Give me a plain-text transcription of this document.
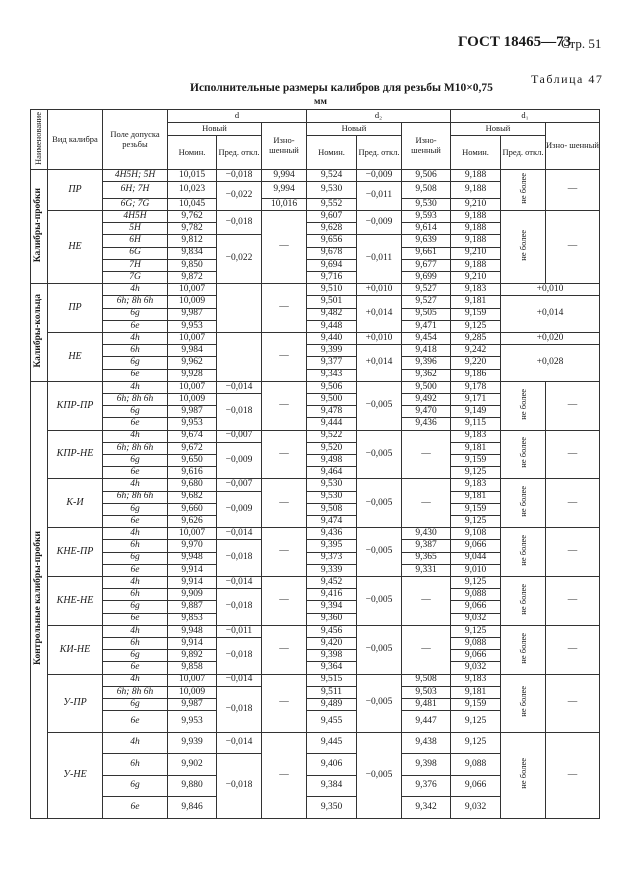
ГОСТ 18465—73
Стр. 51
Таблица 47
Исполнительные размеры калибров для резьбы М10×0,75
мм
Наименование	Вид калибра	Поле допуска резьбы	d			d₂			d₁			
			Новый		Изно- шенный	Новый		Изно- шенный	Новый		Изно- шенный	
			Номин.	Пред. откл.		Номин.	Пред. откл.		Номин.	Пред. откл.		
Калибры-пробки	ПР	4H5H; 5H	10,015	−0,018	9,994	9,524	−0,009	9,506	9,188	не более	—	
		6H; 7H	10,023	−0,022	9,994	9,530	−0,011	9,508	9,188			
		6G; 7G	10,045		10,016	9,552		9,530	9,210			
	НЕ	4H5H	9,762	−0,018	—	9,607	−0,009	9,593	9,188	не более	—	
		5H	9,782			9,628		9,614	9,188			
		6H	9,812	−0,022		9,656	−0,011	9,639	9,188			
		6G	9,834			9,678		9,661	9,210			
		7H	9,850			9,694		9,677	9,188			
		7G	9,872			9,716		9,699	9,210			
Калибры-кольца	ПР	4h	10,007		—	9,510	+0,010	9,527	9,183	+0,010	
		6h; 8h 6h	10,009			9,501	+0,014	9,527	9,181	+0,014	
		6g	9,987			9,482		9,505	9,159	
		6e	9,953			9,448		9,471	9,125	
	НЕ	4h	10,007		—	9,440	+0,010	9,454	9,285	+0,020		
		6h	9,984			9,399	+0,014	9,418	9,242	+0,028		
		6g	9,962			9,377		9,396	9,220			
		6e	9,928			9,343		9,362	9,186			
Контрольные калибры-пробки	КПР-ПР	4h	10,007	−0,014	—	9,506	−0,005	9,500	9,178	не более	—	
		6h; 8h 6h	10,009	−0,018		9,500		9,492	9,171			
		6g	9,987			9,478		9,470	9,149			
		6e	9,953			9,444		9,436	9,115			
	КПР-НЕ	4h	9,674	−0,007	—	9,522	−0,005	—	9,183	не более	—	
		6h; 8h 6h	9,672	−0,009		9,520			9,181			
		6g	9,650			9,498			9,159			
		6e	9,616			9,464			9,125			
	К-И	4h	9,680	−0,007	—	9,530	−0,005	—	9,183	не более	—	
		6h; 8h 6h	9,682	−0,009		9,530			9,181			
		6g	9,660			9,508			9,159			
		6e	9,626			9,474			9,125			
	КНЕ-ПР	4h	10,007	−0,014	—	9,436	−0,005	9,430	9,108	не более	—	
		6h	9,970	−0,018		9,395		9,387	9,066			
		6g	9,948			9,373		9,365	9,044			
		6e	9,914			9,339		9,331	9,010			
	КНЕ-НЕ	4h	9,914	−0,014	—	9,452	−0,005	—	9,125	не более	—	
		6h	9,909	−0,018		9,416			9,088			
		6g	9,887			9,394			9,066			
		6e	9,853			9,360			9,032			
	КИ-НЕ	4h	9,948	−0,011	—	9,456	−0,005	—	9,125	не более	—	
		6h	9,914	−0,018		9,420			9,088			
		6g	9,892			9,398			9,066			
		6e	9,858			9,364			9,032			
	У-ПР	4h	10,007	−0,014	—	9,515	−0,005	9,508	9,183	не более	—	
		6h; 8h 6h	10,009	−0,018		9,511		9,503	9,181			
		6g	9,987			9,489		9,481	9,159			
		6e	9,953			9,455		9,447	9,125			
	У-НЕ	4h	9,939	−0,014	—	9,445	−0,005	9,438	9,125	не более	—	
		6h	9,902	−0,018		9,406		9,398	9,088			
		6g	9,880			9,384		9,376	9,066			
		6e	9,846			9,350		9,342	9,032			
